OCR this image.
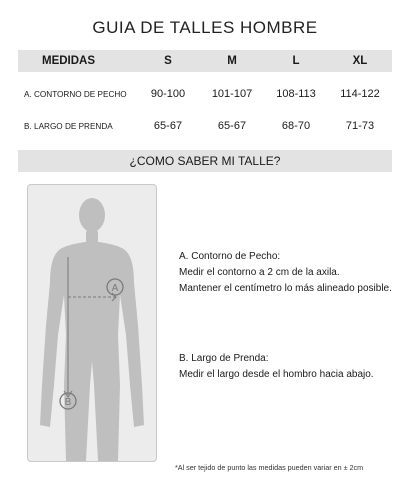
GUIA DE TALLES HOMBRE
MEDIDAS	S	M	L	XL
A. CONTORNO DE PECHO	90-100	101-107	108-113	114-122
B. LARGO DE PRENDA	65-67	65-67	68-70	71-73
¿COMO SABER MI TALLE?
A
B
A. Contorno de Pecho:
Medir el contorno a 2 cm de la axila.
Mantener el centímetro lo más alineado posible.
B. Largo de Prenda:
Medir el largo desde el hombro hacia abajo.
*Al ser tejido de punto las medidas pueden variar en ± 2cm
